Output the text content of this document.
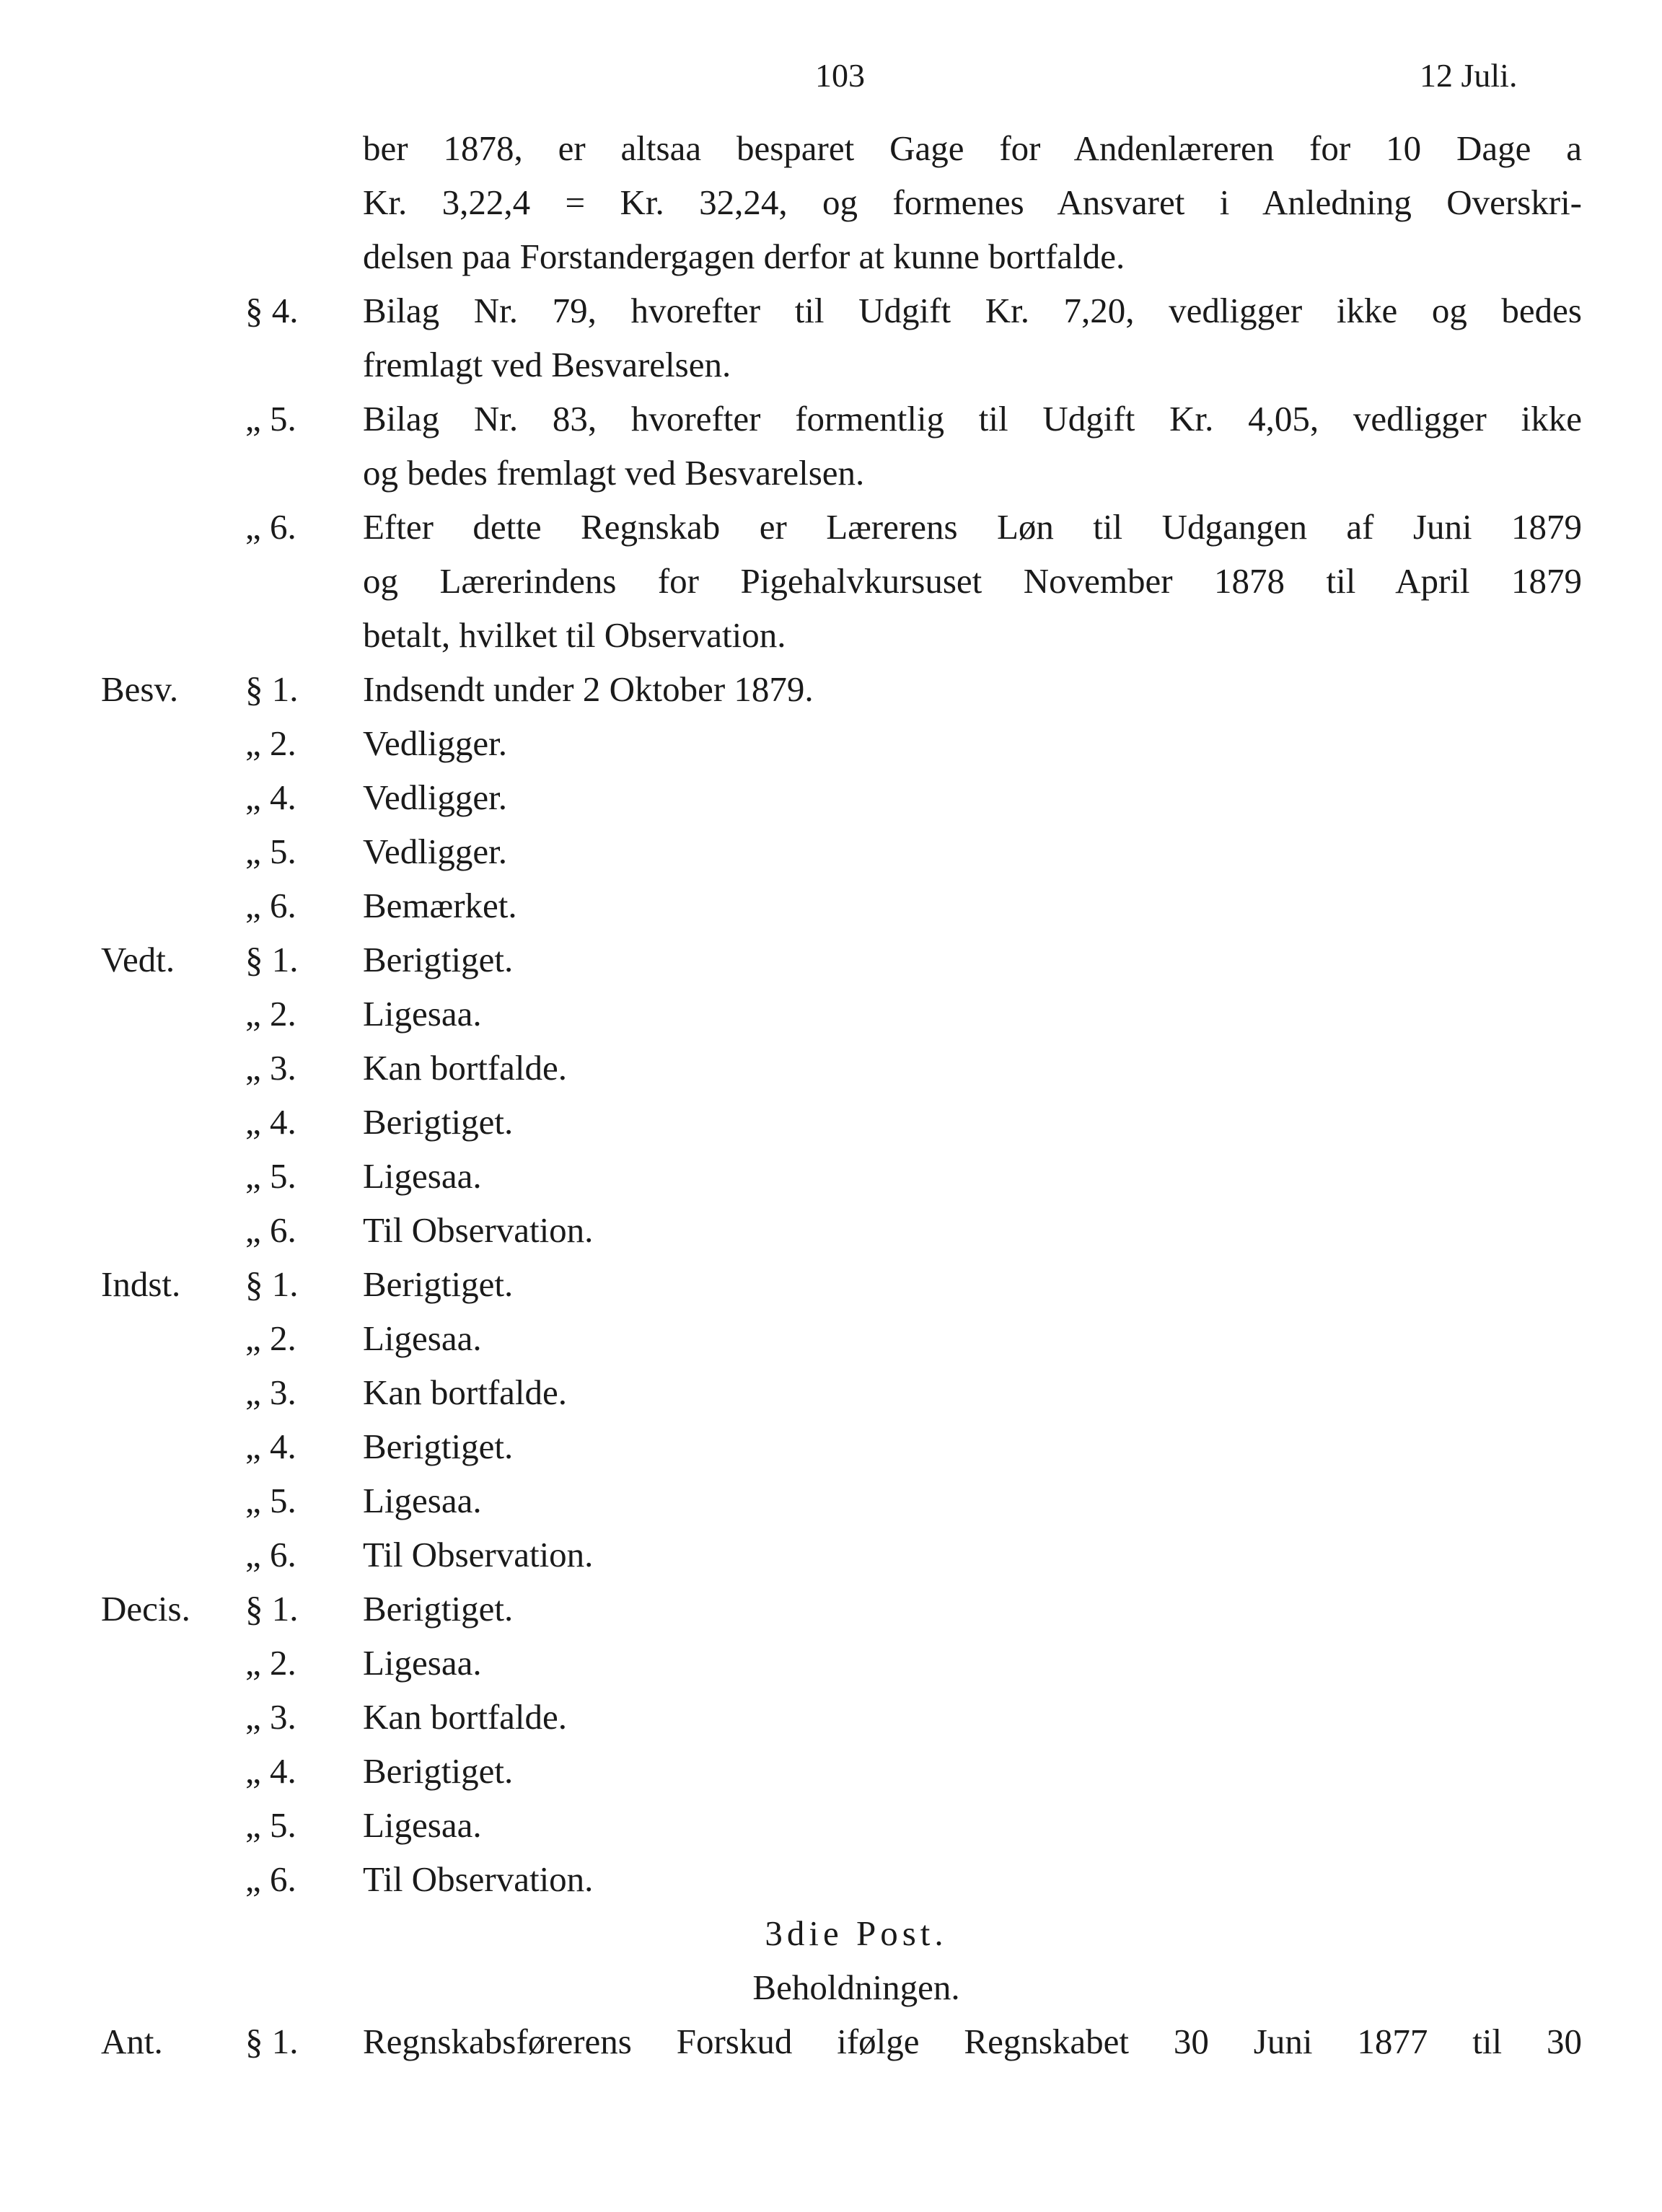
103	12 Juli.
ber 1878, er altsaa besparet Gage for Andenlæreren for 10 Dage a
Kr. 3,22,4 = Kr. 32,24, og formenes Ansvaret i Anledning Overskri-
delsen paa Forstandergagen derfor at kunne bortfalde.
§ 4.	Bilag Nr. 79, hvorefter til Udgift Kr. 7,20, vedligger ikke og bedes
fremlagt ved Besvarelsen.
„ 5.	Bilag Nr. 83, hvorefter formentlig til Udgift Kr. 4,05, vedligger ikke
og bedes fremlagt ved Besvarelsen.
„ 6.	Efter dette Regnskab er Lærerens Løn til Udgangen af Juni 1879
og Lærerindens for Pigehalvkursuset November 1878 til April 1879
betalt, hvilket til Observation.
Besv. § 1.	Indsendt under 2 Oktober 1879.
„ 2.	Vedligger.
„ 4.	Vedligger.
„ 5.	Vedligger.
„ 6.	Bemærket.
Vedt. § 1.	Berigtiget.
„ 2.	Ligesaa.
„ 3.	Kan bortfalde.
„ 4.	Berigtiget.
„ 5.	Ligesaa.
„ 6.	Til Observation.
Indst. § 1.	Berigtiget.
„ 2.	Ligesaa.
„ 3.	Kan bortfalde.
„ 4.	Berigtiget.
„ 5.	Ligesaa.
„ 6.	Til Observation.
Decis. § 1.	Berigtiget.
„ 2.	Ligesaa.
„ 3.	Kan bortfalde.
„ 4.	Berigtiget.
„ 5.	Ligesaa.
„ 6.	Til Observation.
3die Post.
Beholdningen.
Ant. § 1.	Regnskabsførerens Forskud ifølge Regnskabet 30 Juni 1877 til 30
